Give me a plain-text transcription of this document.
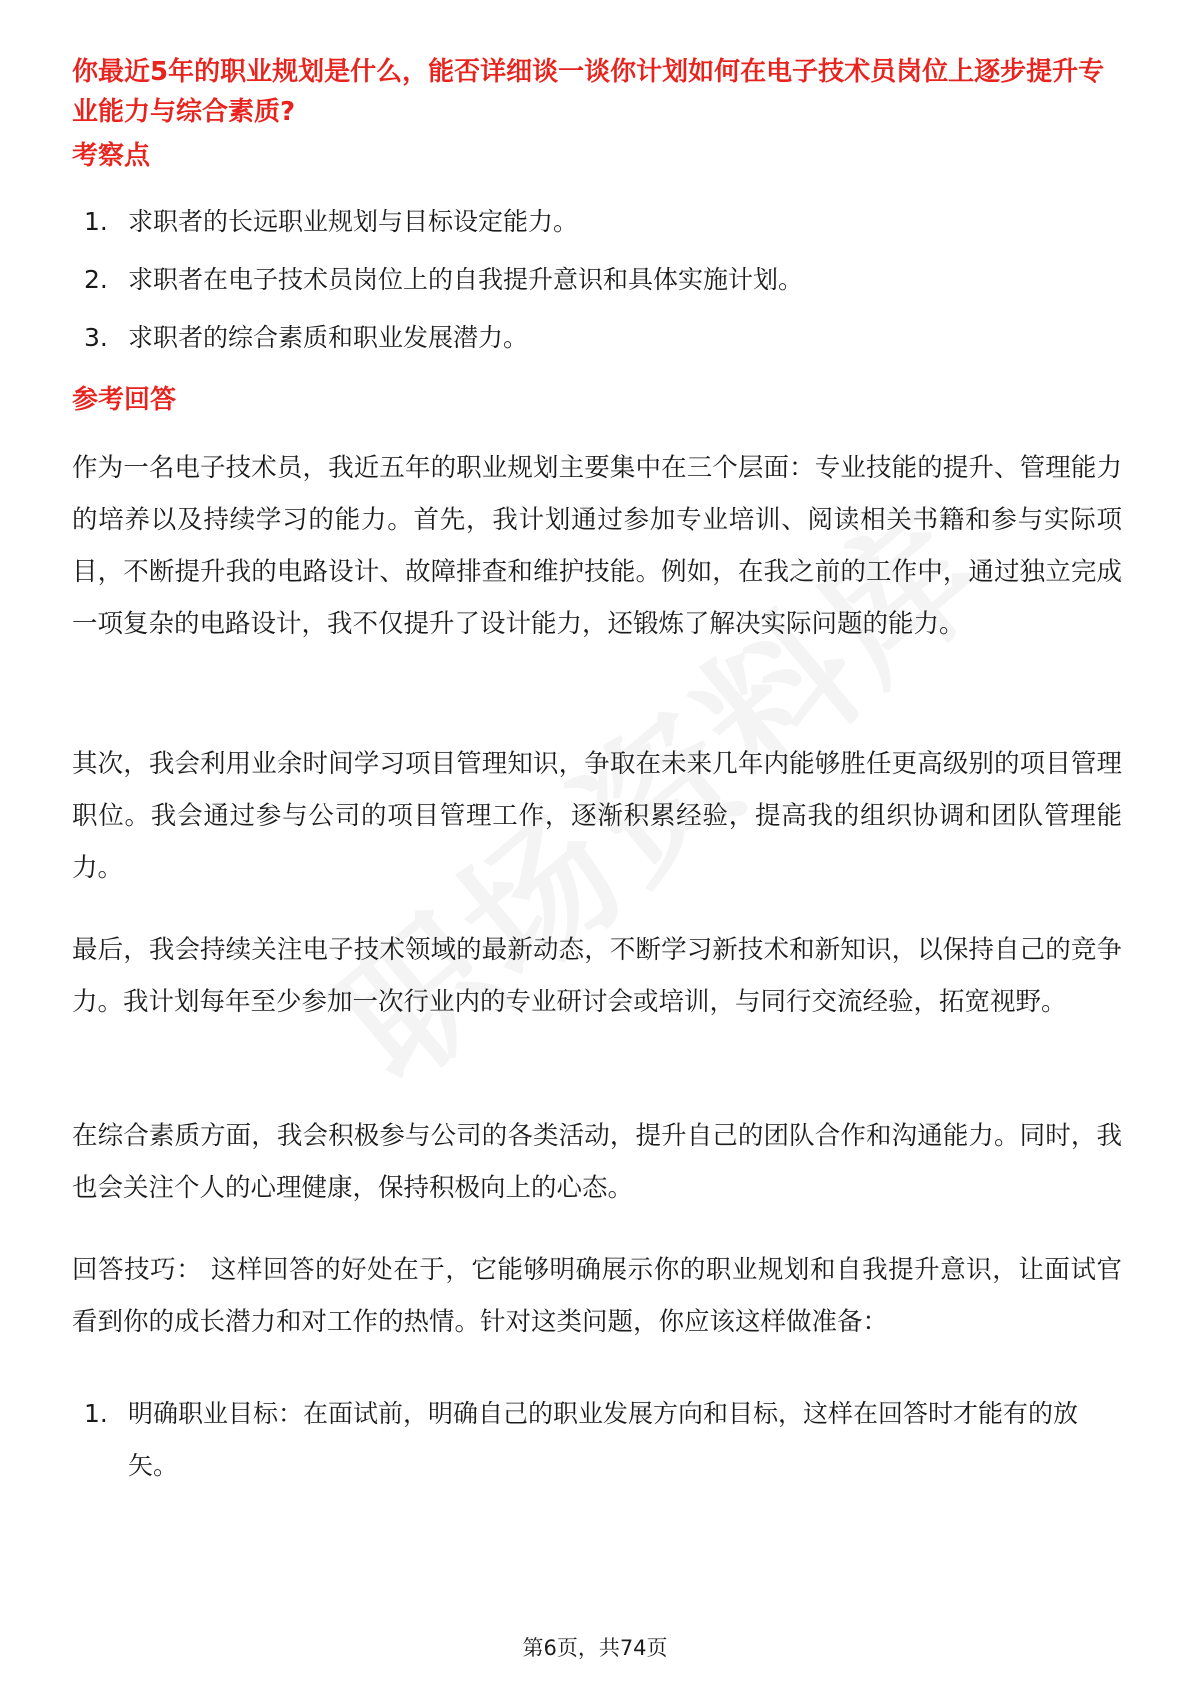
你最近5年的职业规划是什么，能否详细谈一谈你计划如何在电子技术员岗位上逐步提升专业能力与综合素质?
考察点
1. 求职者的长远职业规划与目标设定能力。
2. 求职者在电子技术员岗位上的自我提升意识和具体实施计划。
3. 求职者的综合素质和职业发展潜力。
参考回答

作为一名电子技术员，我近五年的职业规划主要集中在三个层面：专业技能的提升、管理能力的培养以及持续学习的能力。首先，我计划通过参加专业培训、阅读相关书籍和参与实际项目，不断提升我的电路设计、故障排查和维护技能。例如，在我之前的工作中，通过独立完成一项复杂的电路设计，我不仅提升了设计能力，还锻炼了解决实际问题的能力。

其次，我会利用业余时间学习项目管理知识，争取在未来几年内能够胜任更高级别的项目管理职位。我会通过参与公司的项目管理工作，逐渐积累经验，提高我的组织协调和团队管理能力。

最后，我会持续关注电子技术领域的最新动态，不断学习新技术和新知识，以保持自己的竞争力。我计划每年至少参加一次行业内的专业研讨会或培训，与同行交流经验，拓宽视野。

在综合素质方面，我会积极参与公司的各类活动，提升自己的团队合作和沟通能力。同时，我也会关注个人的心理健康，保持积极向上的心态。

回答技巧： 这样回答的好处在于，它能够明确展示你的职业规划和自我提升意识，让面试官看到你的成长潜力和对工作的热情。针对这类问题，你应该这样做准备：

1. 明确职业目标：在面试前，明确自己的职业发展方向和目标，这样在回答时才能有的放矢。
第6页，共74页
